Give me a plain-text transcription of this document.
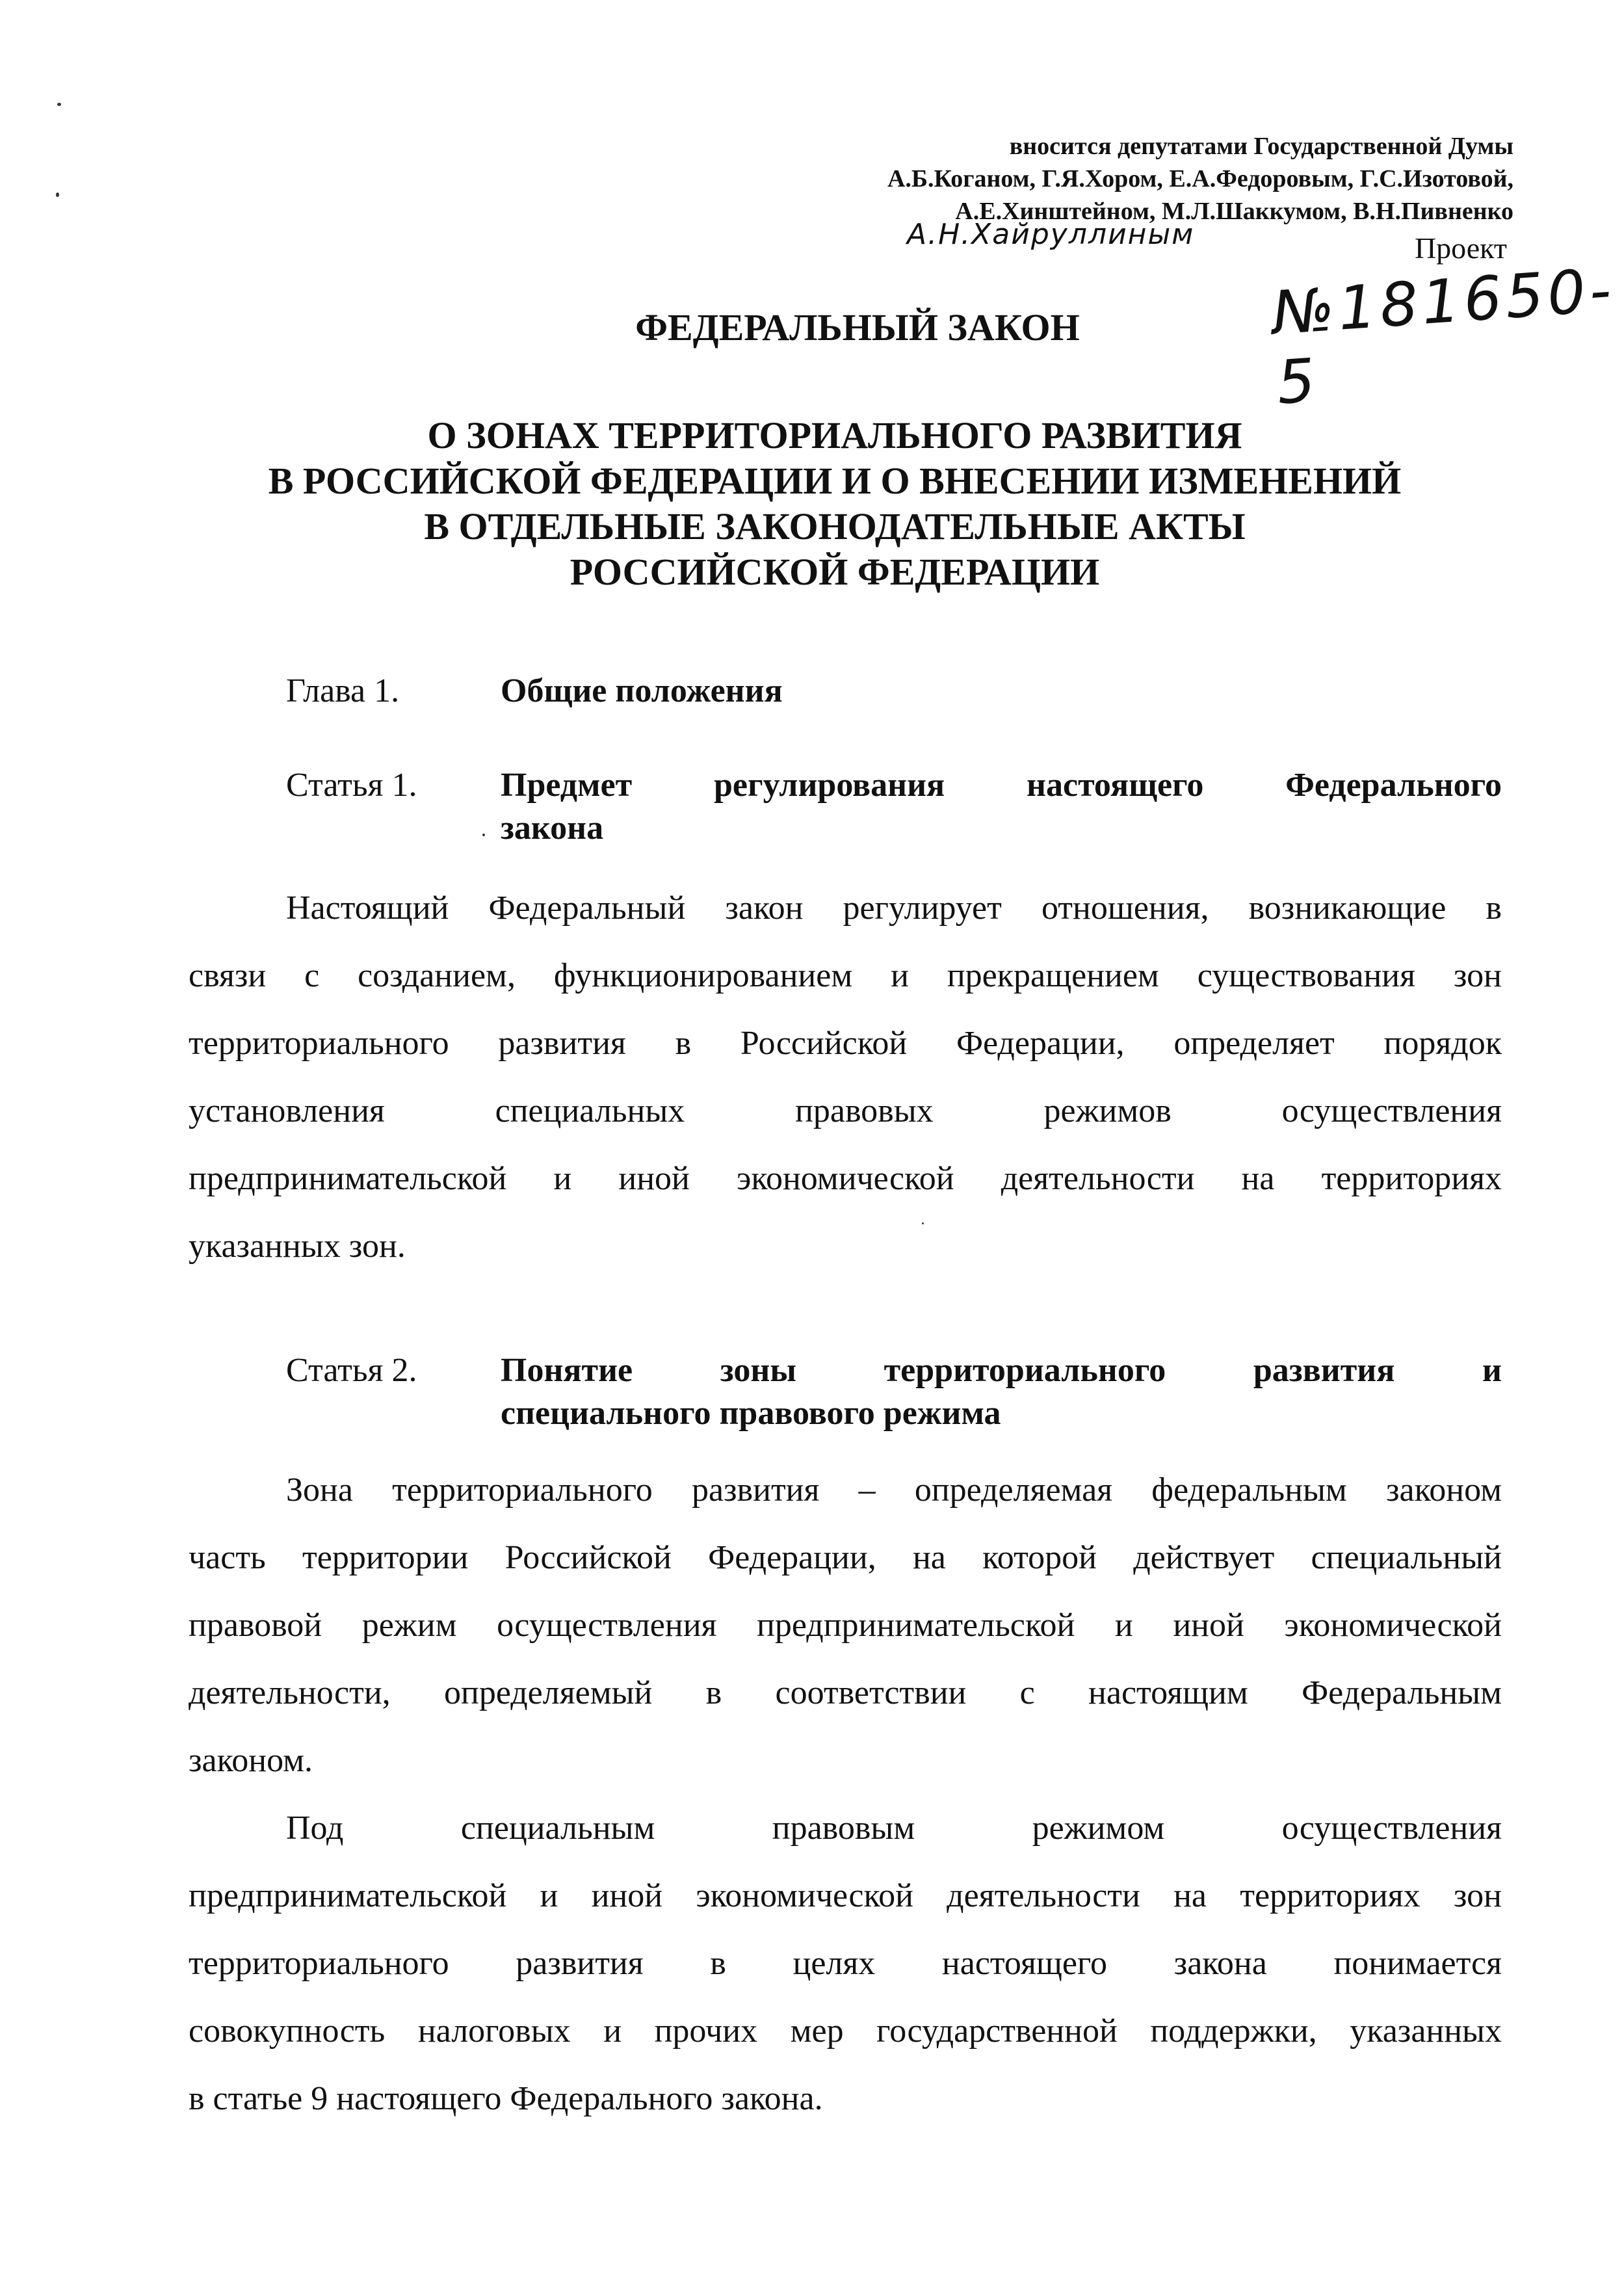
вносится депутатами Государственной Думы
А.Б.Коганом, Г.Я.Хором, Е.А.Федоровым, Г.С.Изотовой,
А.Е.Хинштейном, М.Л.Шаккумом, В.Н.Пивненко
А.Н.Хайруллиным	Проект
№181650-5
ФЕДЕРАЛЬНЫЙ ЗАКОН
О ЗОНАХ ТЕРРИТОРИАЛЬНОГО РАЗВИТИЯ
В РОССИЙСКОЙ ФЕДЕРАЦИИ И О ВНЕСЕНИИ ИЗМЕНЕНИЙ
В ОТДЕЛЬНЫЕ ЗАКОНОДАТЕЛЬНЫЕ АКТЫ
РОССИЙСКОЙ ФЕДЕРАЦИИ
Глава 1.	Общие положения
Статья 1. Предмет регулирования настоящего Федерального
закона
Настоящий Федеральный закон регулирует отношения, возникающие в
связи с созданием, функционированием и прекращением существования зон
территориального развития в Российской Федерации, определяет порядок
установления специальных правовых режимов осуществления
предпринимательской и иной экономической деятельности на территориях
указанных зон.
Статья 2. Понятие зоны территориального развития и
специального правового режима
Зона территориального развития – определяемая федеральным законом
часть территории Российской Федерации, на которой действует специальный
правовой режим осуществления предпринимательской и иной экономической
деятельности, определяемый в соответствии с настоящим Федеральным
законом.
Под специальным правовым режимом осуществления
предпринимательской и иной экономической деятельности на территориях зон
территориального развития в целях настоящего закона понимается
совокупность налоговых и прочих мер государственной поддержки, указанных
в статье 9 настоящего Федерального закона.
